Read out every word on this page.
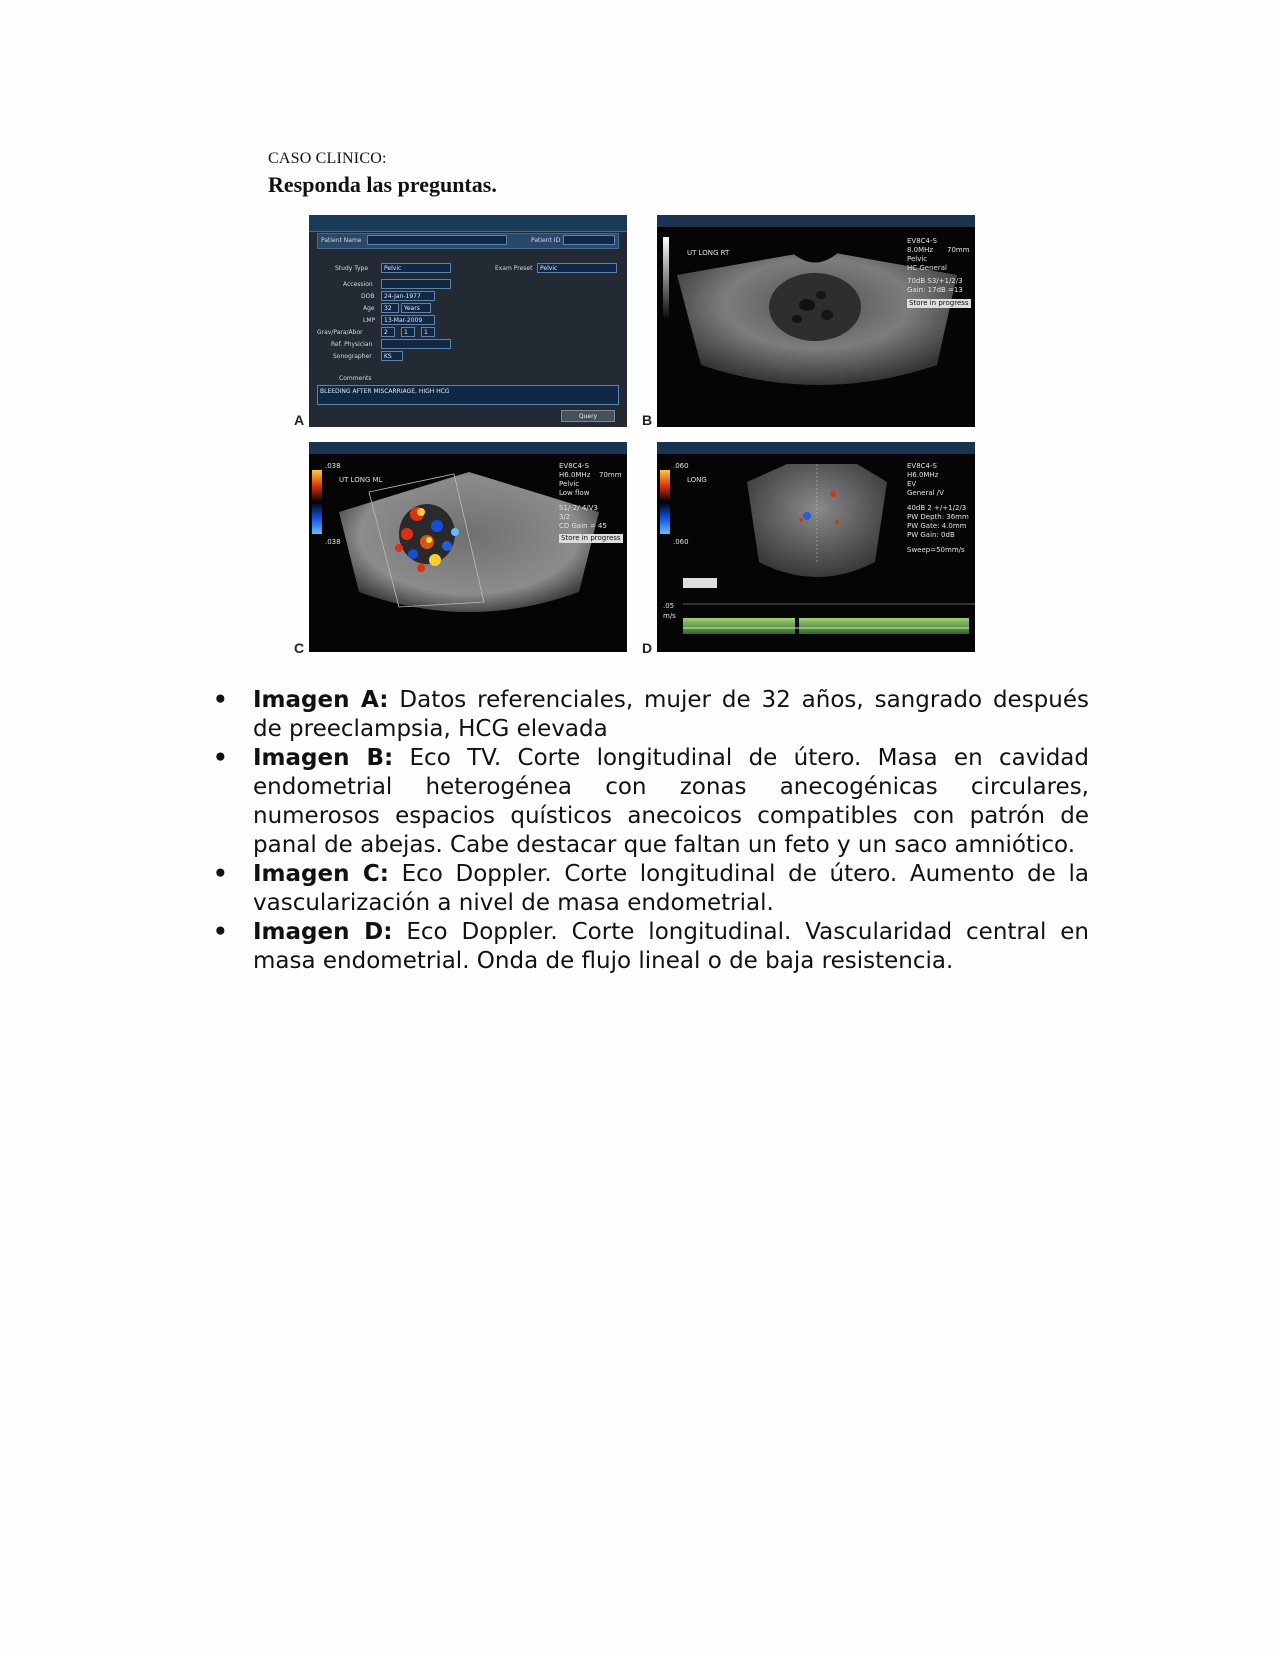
CASO CLINICO:
Responda las preguntas.
Patient Name	Patient ID
Study Type	Pelvic	Exam Preset	Pelvic
Accession
DOB	24-Jan-1977
Age	32	Years
LMP	13-Mar-2009
Grav/Para/Abor	2	1	1
Ref. Physician
Sonographer	KS
Comments
BLEEDING AFTER MISCARRIAGE, HIGH HCG
Query
A
UT LONG RT
EV8C4-S
8.0MHz
Pelvic
HC General
70dB S3/+1/2/3
Gain: 17dB =13
70mm
Store in progress
B
.038
.038
UT LONG ML
EV8C4-S
H6.0MHz
Pelvic
Low flow
S1/-2/ 4/V3
3/2
CD Gain = 45
70mm
Store in progress
C
.060
.060
LONG
EV8C4-S
H6.0MHz
EV
General /V
40dB 2 +/+1/2/3
PW Depth: 36mm
PW Gate: 4.0mm
PW Gain: 0dB
Sweep=50mm/s
.05
m/s
D
• Imagen A: Datos referenciales, mujer de 32 años, sangrado después de preeclampsia, HCG elevada
• Imagen B: Eco TV. Corte longitudinal de útero. Masa en cavidad endometrial heterogénea con zonas anecogénicas circulares, numerosos espacios quísticos anecoicos compatibles con patrón de panal de abejas. Cabe destacar que faltan un feto y un saco amniótico.
• Imagen C: Eco Doppler. Corte longitudinal de útero. Aumento de la vascularización a nivel de masa endometrial.
• Imagen D: Eco Doppler. Corte longitudinal. Vascularidad central en masa endometrial. Onda de flujo lineal o de baja resistencia.
